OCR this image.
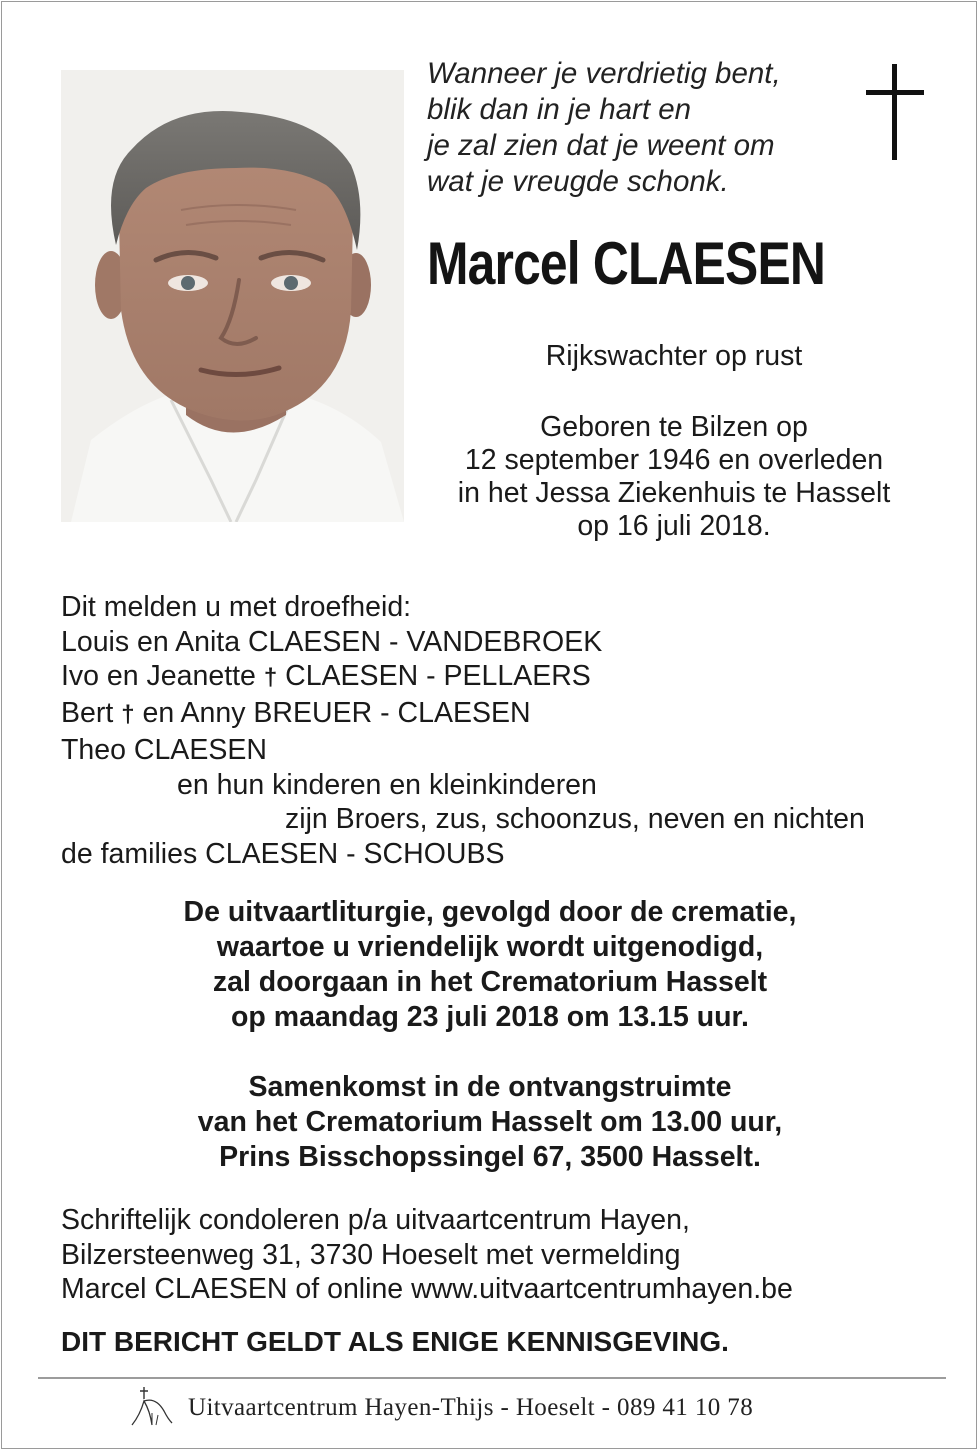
Wanneer je verdrietig bent,
blik dan in je hart en
je zal zien dat je weent om
wat je vreugde schonk.
Marcel CLAESEN
Rijkswachter op rust
Geboren te Bilzen op
12 september 1946 en overleden
in het Jessa Ziekenhuis te Hasselt
op 16 juli 2018.
Dit melden u met droefheid:
Louis en Anita CLAESEN - VANDEBROEK
Ivo en Jeanette † CLAESEN - PELLAERS
Bert † en Anny BREUER - CLAESEN
Theo CLAESEN
en hun kinderen en kleinkinderen
zijn Broers, zus, schoonzus, neven en nichten
de families CLAESEN - SCHOUBS
De uitvaartliturgie, gevolgd door de crematie,
waartoe u vriendelijk wordt uitgenodigd,
zal doorgaan in het Crematorium Hasselt
op maandag 23 juli 2018 om 13.15 uur.
Samenkomst in de ontvangstruimte
van het Crematorium Hasselt om 13.00 uur,
Prins Bisschopssingel 67, 3500 Hasselt.
Schriftelijk condoleren p/a uitvaartcentrum Hayen,
Bilzersteenweg 31, 3730 Hoeselt met vermelding
Marcel CLAESEN of online www.uitvaartcentrumhayen.be
DIT BERICHT GELDT ALS ENIGE KENNISGEVING.
Uitvaartcentrum Hayen-Thijs - Hoeselt - 089 41 10 78
